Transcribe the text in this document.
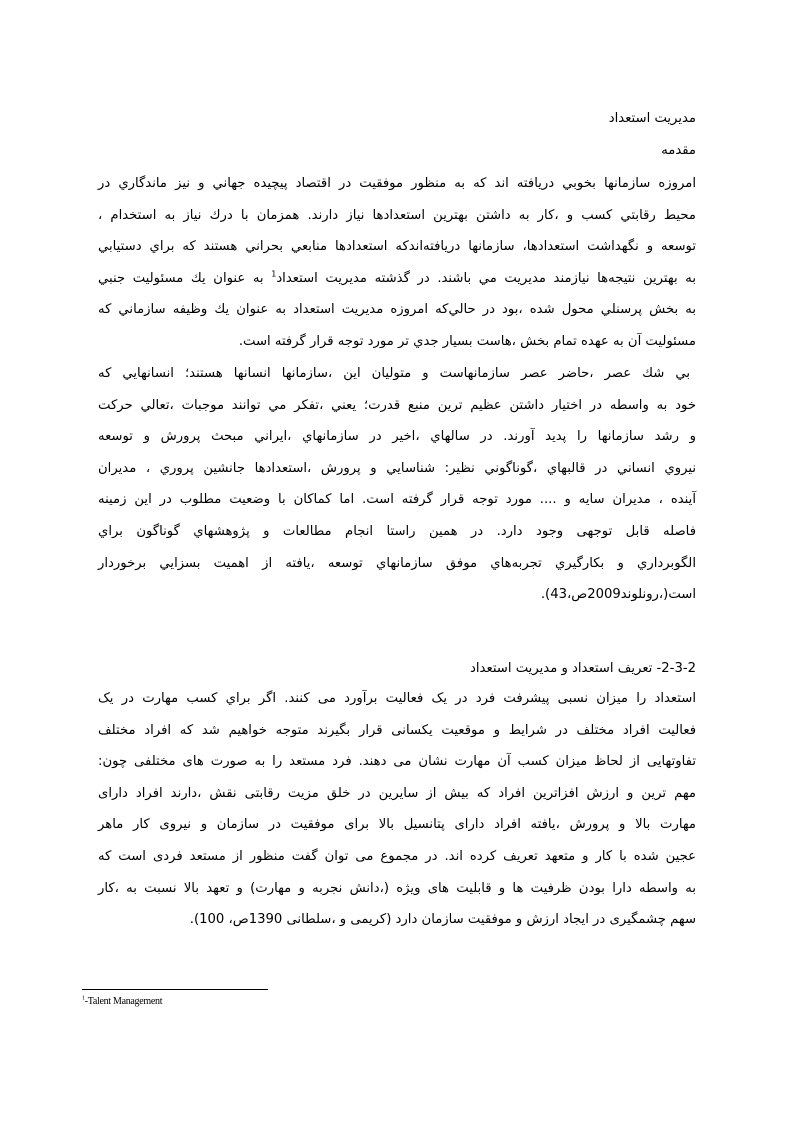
مديريت استعداد
مقدمه
امروزه سازمانها بخوبي دريافته اند كه به منظور موفقيت در اقتصاد پيچيده جهاني و نيز ماندگاري در
محيط رقابتي كسب و ،كار به داشتن بهترين استعدادها نياز دارند. همزمان با درك نياز به استخدام ،
توسعه و نگهداشت استعدادها، سازمانها دريافته‌اندكه استعدادها منابعي بحراني هستند كه براي دستيابي
به بهترين نتيجه‌ها نيازمند مديريت مي باشند. در گذشته مديريت استعداد$^1$ به عنوان يك مسئوليت جنبي
به بخش پرسنلي محول شده ،بود در حالي‌كه امروزه مديريت استعداد به عنوان يك وظيفه سازماني كه
مسئوليت آن به عهده تمام بخش ،هاست بسيار جدي تر مورد توجه قرار گرفته است.
بي شك عصر ،حاضر عصر سازمانهاست و متوليان اين ،سازمانها انسانها هستند؛ انسانهايي كه
خود به واسطه در اختيار داشتن عظيم ترين منبع قدرت؛ يعني ،تفكر مي توانند موجبات ،تعالي حركت
و رشد سازمانها را پديد آورند. در سالهاي ،اخير در سازمانهاي ،ايراني مبحث پرورش و توسعه
نيروي انساني در قالبهاي ،گوناگوني نظير: شناسايي و پرورش ،استعدادها جانشين پروري ، مديران
آينده ، مديران سايه و .... مورد توجه قرار گرفته است. اما كماكان با وضعيت مطلوب در اين زمينه
فاصله قابل توجهی وجود دارد. در همين راستا انجام مطالعات و پژوهشهاي گوناگون براي
الگوبرداري و بكارگيري تجربه‌هاي موفق سازمانهاي توسعه ،يافته از اهميت بسزايي برخوردار
است(،رونلوند2009ص،43).
2-3-2- تعريف استعداد و مديريت استعداد
استعداد را میزان نسبی پیشرفت فرد در یک فعالیت برآورد می کنند. اگر براي كسب مهارت در یک
فعالیت افراد مختلف در شرایط و موقعیت یکسانی قرار بگیرند متوجه خواهیم شد که افراد مختلف
تفاوتهایی از لحاظ میزان کسب آن مهارت نشان می دهند. فرد مستعد را به صورت های مختلفی چون:
مهم ترین و ارزش افزاترین افراد که بیش از سایرین در خلق مزیت رقابتی نقش ،دارند افراد دارای
مهارت بالا و پرورش ،یافته افراد دارای پتانسیل بالا برای موفقیت در سازمان و نیروی کار ماهر
عجین شده با کار و متعهد تعریف کرده اند. در مجموع می توان گفت منظور از مستعد فردی است که
به واسطه دارا بودن ظرفیت ها و قابلیت های ویژه (،دانش نجربه و مهارت) و تعهد بالا نسبت به ،کار
سهم چشمگیری در ایجاد ارزش و موفقیت سازمان دارد (کریمی و ،سلطانی 1390ص، 100).
$^1$-Talent Management
